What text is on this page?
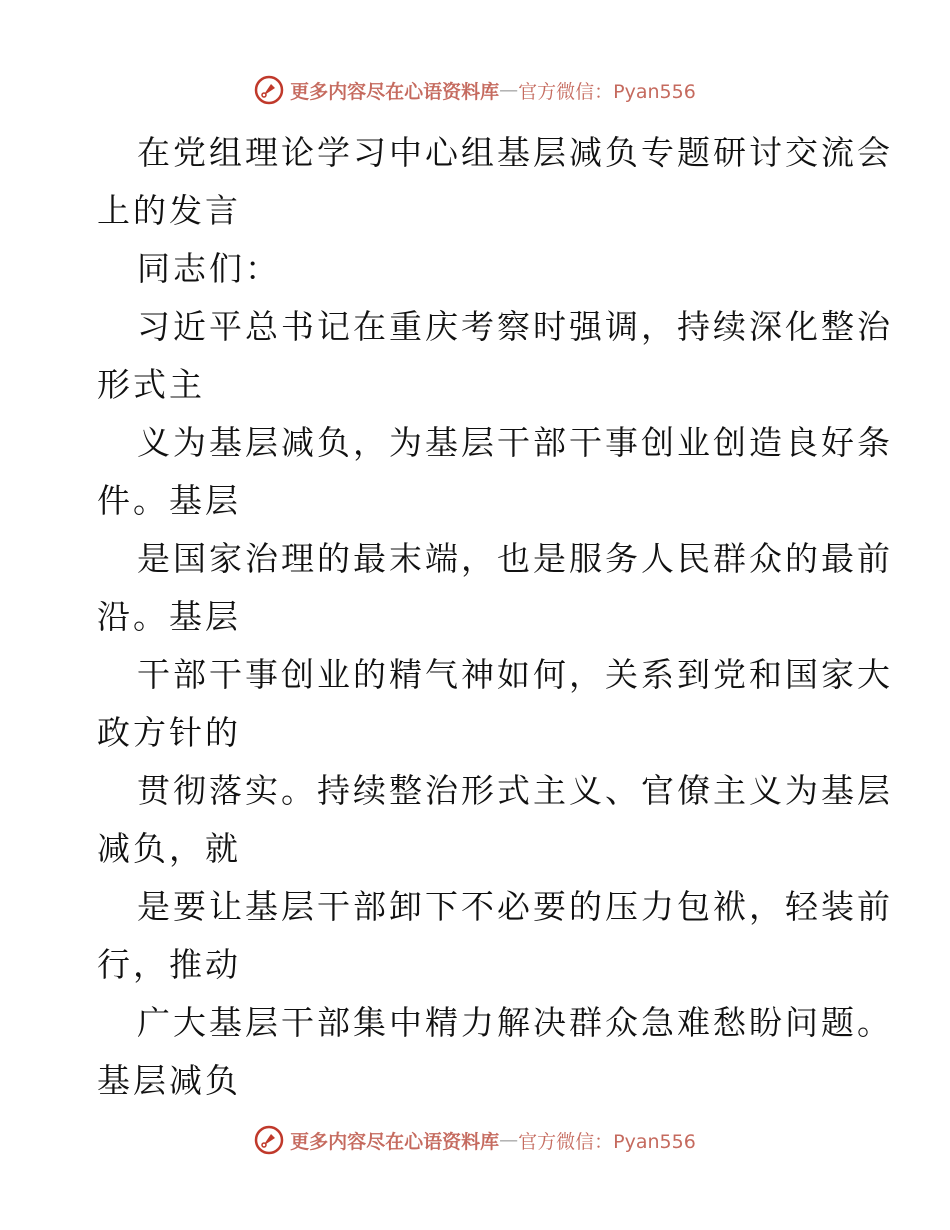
更多内容尽在心语资料库 — 官方微信：Pyan556
在党组理论学习中心组基层减负专题研讨交流会
上的发言
同志们：
习近平总书记在重庆考察时强调，持续深化整治
形式主
义为基层减负，为基层干部干事创业创造良好条
件。基层
是国家治理的最末端，也是服务人民群众的最前
沿。基层
干部干事创业的精气神如何，关系到党和国家大
政方针的
贯彻落实。持续整治形式主义、官僚主义为基层
减负，就
是要让基层干部卸下不必要的压力包袱，轻装前
行，推动
广大基层干部集中精力解决群众急难愁盼问题。
基层减负
更多内容尽在心语资料库 — 官方微信：Pyan556
